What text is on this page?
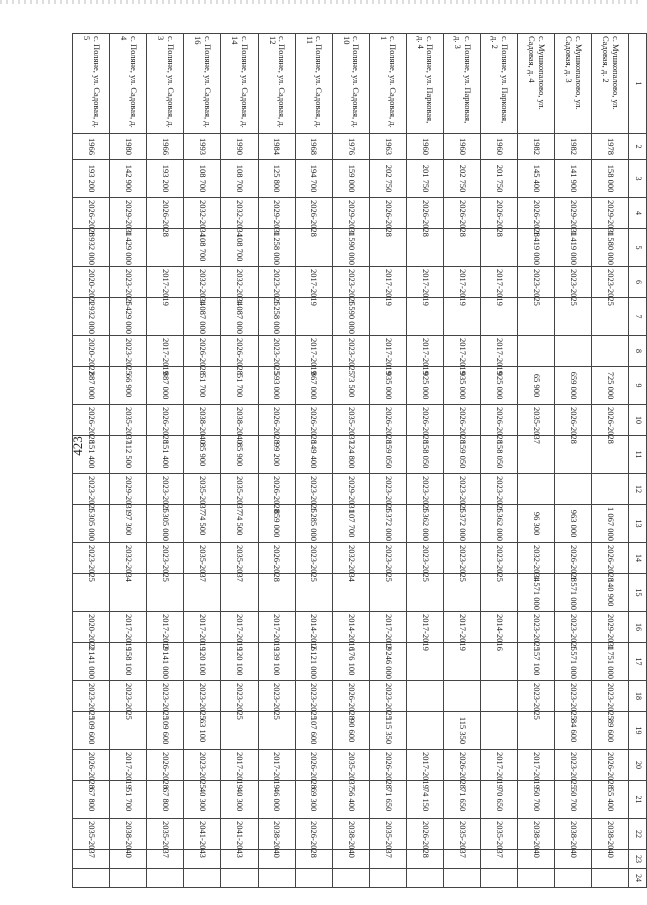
423
1	2	3	4	5	6	7	8	9	10	11	12	13	14	15	16	17	18	19	20	21	22	23	24
с. Мушкопалово, ул. Садовая, д. 2	1978	158 000	2029-2031	1 580 000	2023-2025			725 000	2026-2028			1 067 000	2026-2028	140 900	2029-2031	1 751 000	2023-2025	89 600	2026-2028	55 400	2038-2040		
с. Мушкопалово, ул. Садовая, д. 3	1982	141 900	2029-2031	1 419 000	2023-2025			659 000	2026-2028			963 000	2026-2028	1 571 000	2023-2025	1 571 000	2023-2025	84 600	2023-2025	50 700	2038-2040		
с. Мушкопалово, ул. Садовая, д. 4	1982	145 400	2026-2028	1 419 000	2023-2025			65 900	2035-2037			96 300	2032-2034	1 571 000	2023-2025	157 100	2023-2025		2017-2019	50 700	2038-2040		
с. Поляне, ул. Парковая, д. 2	1960	201 750	2026-2028		2017-2019		2017-2019	925 000	2026-2028	158 050	2023-2025	1 362 000	2023-2025		2014-2016				2017-2019	70 650	2035-2037		
с. Поляне, ул. Парковая, д. 3	1960	202 750	2026-2028		2017-2019		2017-2019	935 000	2026-2028	159 050	2023-2025	1 372 000	2023-2025		2017-2019			115 350	2026-2028	71 650	2035-2037		
с. Поляне, ул. Парковая, д. 4	1960	201 750	2026-2028		2017-2019		2017-2019	925 000	2026-2028	158 050	2023-2025	1 362 000	2023-2025		2017-2019				2017-2019	74 150	2026-2028		
с. Поляне, ул. Садовая, д. 1	1963	202 750	2026-2028		2017-2019		2017-2019	935 000	2026-2028	159 050	2023-2025	1 372 000	2023-2025		2017-2019	2 246 000	2023-2025	115 350	2026-2028	71 650	2035-2037		
с. Поляне, ул. Садовая, д. 10	1976	159 000	2029-2031	1 590 000	2023-2025	1 590 000	2023-2025	73 500	2035-2037	124 800	2029-2031	107 700	2032-2034		2014-2016	176 100	2026-2028	90 600	2035-2037	56 400	2038-2040		
с. Поляне, ул. Садовая, д. 11	1968	194 700	2026-2028		2017-2019		2017-2019	867 000	2026-2028	149 400	2023-2025	1 285 000	2023-2025		2014-2016	2 121 000	2023-2025	107 600	2026-2028	69 300	2026-2028		
с. Поляне, ул. Садовая, д. 12	1984	125 800	2029-2031	1 258 000	2023-2025	1 258 000	2023-2025	593 000	2026-2028	99 200	2026-2028	859 000	2026-2028		2017-2019	139 100	2023-2025		2017-2019	46 000	2038-2040		
с. Поляне, ул. Садовая, д. 14	1990	108 700	2032-2034	108 700	2032-2034	1 087 000	2026-2028	51 700	2038-2040	85 900	2035-2037	74 500	2035-2037		2017-2019	120 100	2023-2025		2017-2019	40 300	2041-2043		
с. Поляне, ул. Садовая, д. 16	1993	108 700	2032-2034	108 700	2032-2034	1 087 000	2026-2028	51 700	2038-2040	85 900	2035-2037	74 500	2035-2037		2017-2019	120 100	2023-2025	63 100	2023-2025	40 300	2041-2043		
с. Поляне, ул. Садовая, д. 3	1966	193 200	2026-2028		2017-2019		2017-2019	887 000	2026-2028	151 400	2023-2025	1 305 000	2023-2025		2017-2019	2 141 000	2023-2025	109 600	2026-2028	67 800	2035-2037		
с. Поляне, ул. Садовая, д. 4	1980	142 900	2029-2031	1 429 000	2023-2025	1 429 000	2023-2025	66 900	2035-2037	112 500	2029-2031	97 300	2032-2034		2017-2019	158 100	2023-2025		2017-2019	51 700	2038-2040		
с. Поляне, ул. Садовая, д. 5	1966	193 200	2026-2028	1 932 000	2020-2022	1 932 000	2020-2022	887 000	2026-2028	151 400	2023-2025	1 305 000	2023-2025		2020-2022	2 141 000	2023-2025	109 600	2026-2028	67 800	2035-2037		
